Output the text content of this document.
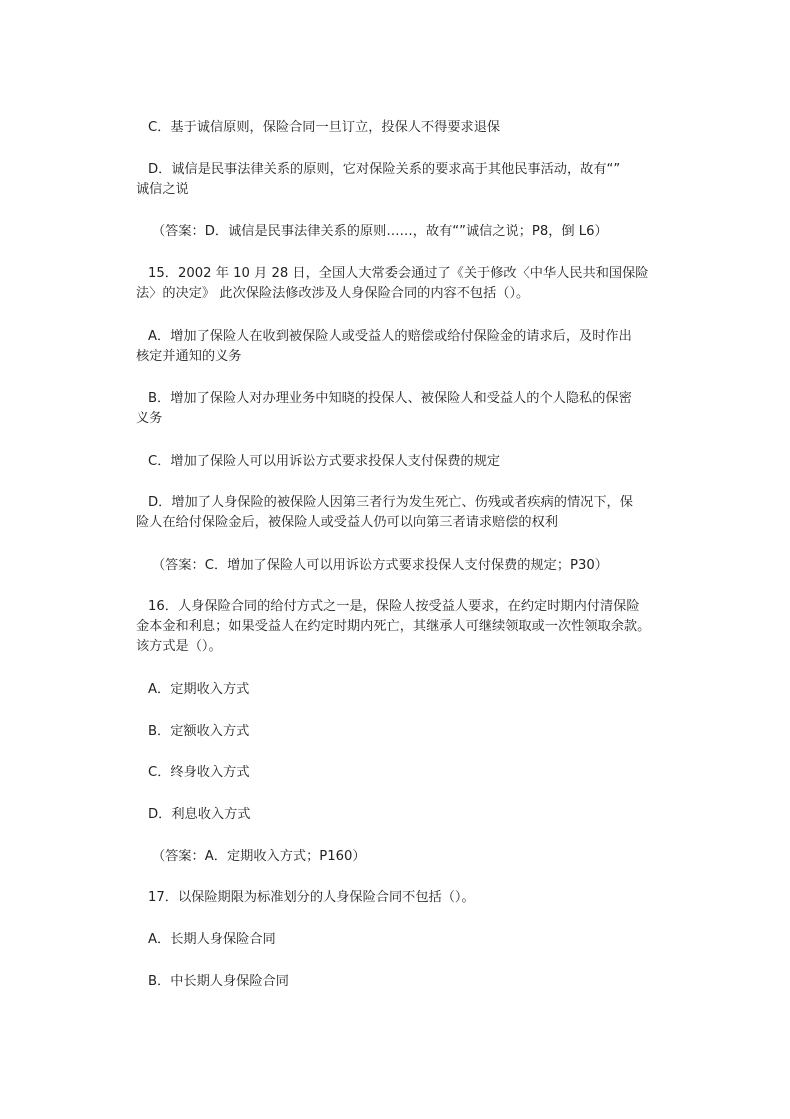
C．基于诚信原则，保险合同一旦订立，投保人不得要求退保

D．诚信是民事法律关系的原则，它对保险关系的要求高于其他民事活动，故有“”
诚信之说

（答案：D．诚信是民事法律关系的原则……，故有“”诚信之说；P8，倒 L6）

15．2002 年 10 月 28 日，全国人大常委会通过了《关于修改〈中华人民共和国保险
法〉的决定》 此次保险法修改涉及人身保险合同的内容不包括（）。

A．增加了保险人在收到被保险人或受益人的赔偿或给付保险金的请求后，及时作出
核定并通知的义务

B．增加了保险人对办理业务中知晓的投保人、被保险人和受益人的个人隐私的保密
义务

C．增加了保险人可以用诉讼方式要求投保人支付保费的规定

D．增加了人身保险的被保险人因第三者行为发生死亡、伤残或者疾病的情况下，保
险人在给付保险金后，被保险人或受益人仍可以向第三者请求赔偿的权利

（答案：C．增加了保险人可以用诉讼方式要求投保人支付保费的规定；P30）

16．人身保险合同的给付方式之一是，保险人按受益人要求，在约定时期内付清保险
金本金和利息；如果受益人在约定时期内死亡，其继承人可继续领取或一次性领取余款。
该方式是（）。

A．定期收入方式

B．定额收入方式

C．终身收入方式

D．利息收入方式

（答案：A．定期收入方式；P160）

17．以保险期限为标准划分的人身保险合同不包括（）。

A．长期人身保险合同

B．中长期人身保险合同
